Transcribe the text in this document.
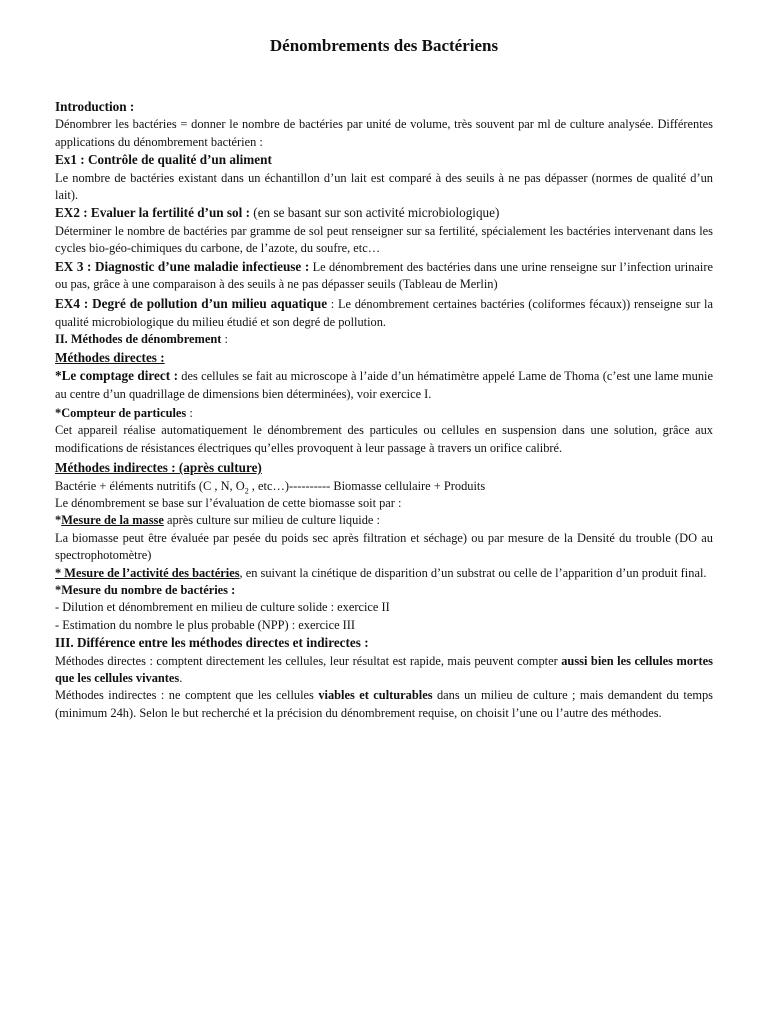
Dénombrements des Bactériens

Introduction :

Dénombrer les bactéries = donner le nombre de bactéries par unité de volume, très souvent par ml de culture analysée. Différentes applications du dénombrement bactérien :

Ex1 : Contrôle de qualité d’un aliment

Le nombre de bactéries existant dans un échantillon d’un lait est comparé à des seuils à ne pas dépasser (normes de qualité d’un lait).

EX2 : Evaluer la fertilité d’un sol : (en se basant sur son activité microbiologique)

Déterminer le nombre de bactéries par gramme de sol peut renseigner sur sa fertilité, spécialement les bactéries intervenant dans les cycles bio-géo-chimiques du carbone, de l’azote, du soufre, etc…

EX 3 : Diagnostic d’une maladie infectieuse : Le dénombrement des bactéries dans une urine renseigne sur l’infection urinaire ou pas, grâce à une comparaison à des seuils à ne pas dépasser seuils (Tableau de Merlin)

EX4 : Degré de pollution d’un milieu aquatique : Le dénombrement certaines bactéries (coliformes fécaux)) renseigne sur la qualité microbiologique du milieu étudié et son degré de pollution.

II. Méthodes de dénombrement :

Méthodes directes :

*Le comptage direct : des cellules se fait au microscope à l’aide d’un hématimètre appelé Lame de Thoma (c’est une lame munie au centre d’un quadrillage de dimensions bien déterminées), voir exercice I.

*Compteur de particules :

Cet appareil réalise automatiquement le dénombrement des particules ou cellules en suspension dans une solution, grâce aux modifications de résistances électriques qu’elles provoquent à leur passage à travers un orifice calibré.

Méthodes indirectes : (après culture)

Bactérie + éléments nutritifs (C , N, $O_2$ , etc…)---------- Biomasse cellulaire + Produits

Le dénombrement se base sur l’évaluation de cette biomasse soit par :

*Mesure de la masse après culture sur milieu de culture liquide :

La biomasse peut être évaluée par pesée du poids sec après filtration et séchage) ou par mesure de la Densité du trouble (DO au spectrophotomètre)

* Mesure de l’activité des bactéries, en suivant la cinétique de disparition d’un substrat ou celle de l’apparition d’un produit final.

*Mesure du nombre de bactéries :

- Dilution et dénombrement en milieu de culture solide : exercice II

- Estimation du nombre le plus probable (NPP) : exercice III

III. Différence entre les méthodes directes et indirectes :

Méthodes directes : comptent directement les cellules, leur résultat est rapide, mais peuvent compter aussi bien les cellules mortes que les cellules vivantes.

Méthodes indirectes : ne comptent que les cellules viables et culturables dans un milieu de culture ; mais demandent du temps (minimum 24h). Selon le but recherché et la précision du dénombrement requise, on choisit l’une ou l’autre des méthodes.
